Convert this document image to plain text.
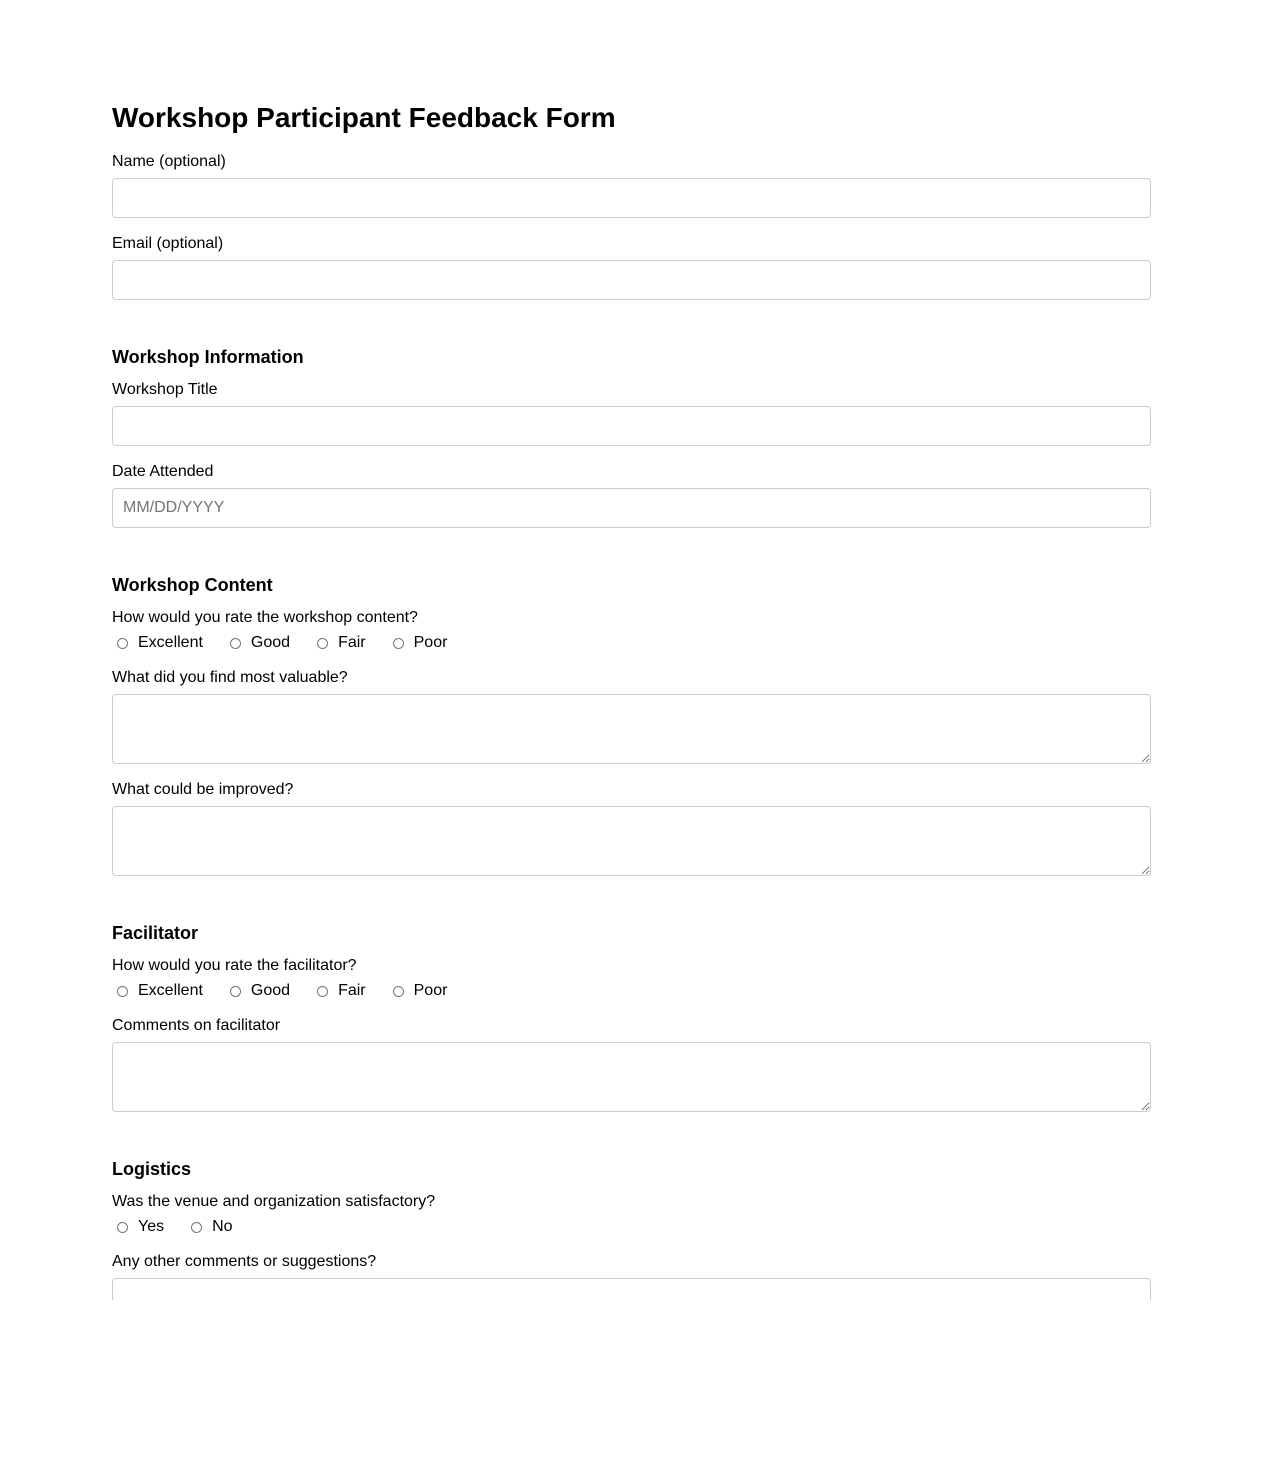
Workshop Participant Feedback Form
Name (optional)
Email (optional)
Workshop Information
Workshop Title
Date Attended
MM/DD/YYYY
Workshop Content
How would you rate the workshop content?
Excellent	Good	Fair	Poor
What did you find most valuable?
What could be improved?
Facilitator
How would you rate the facilitator?
Excellent	Good	Fair	Poor
Comments on facilitator
Logistics
Was the venue and organization satisfactory?
Yes	No
Any other comments or suggestions?
